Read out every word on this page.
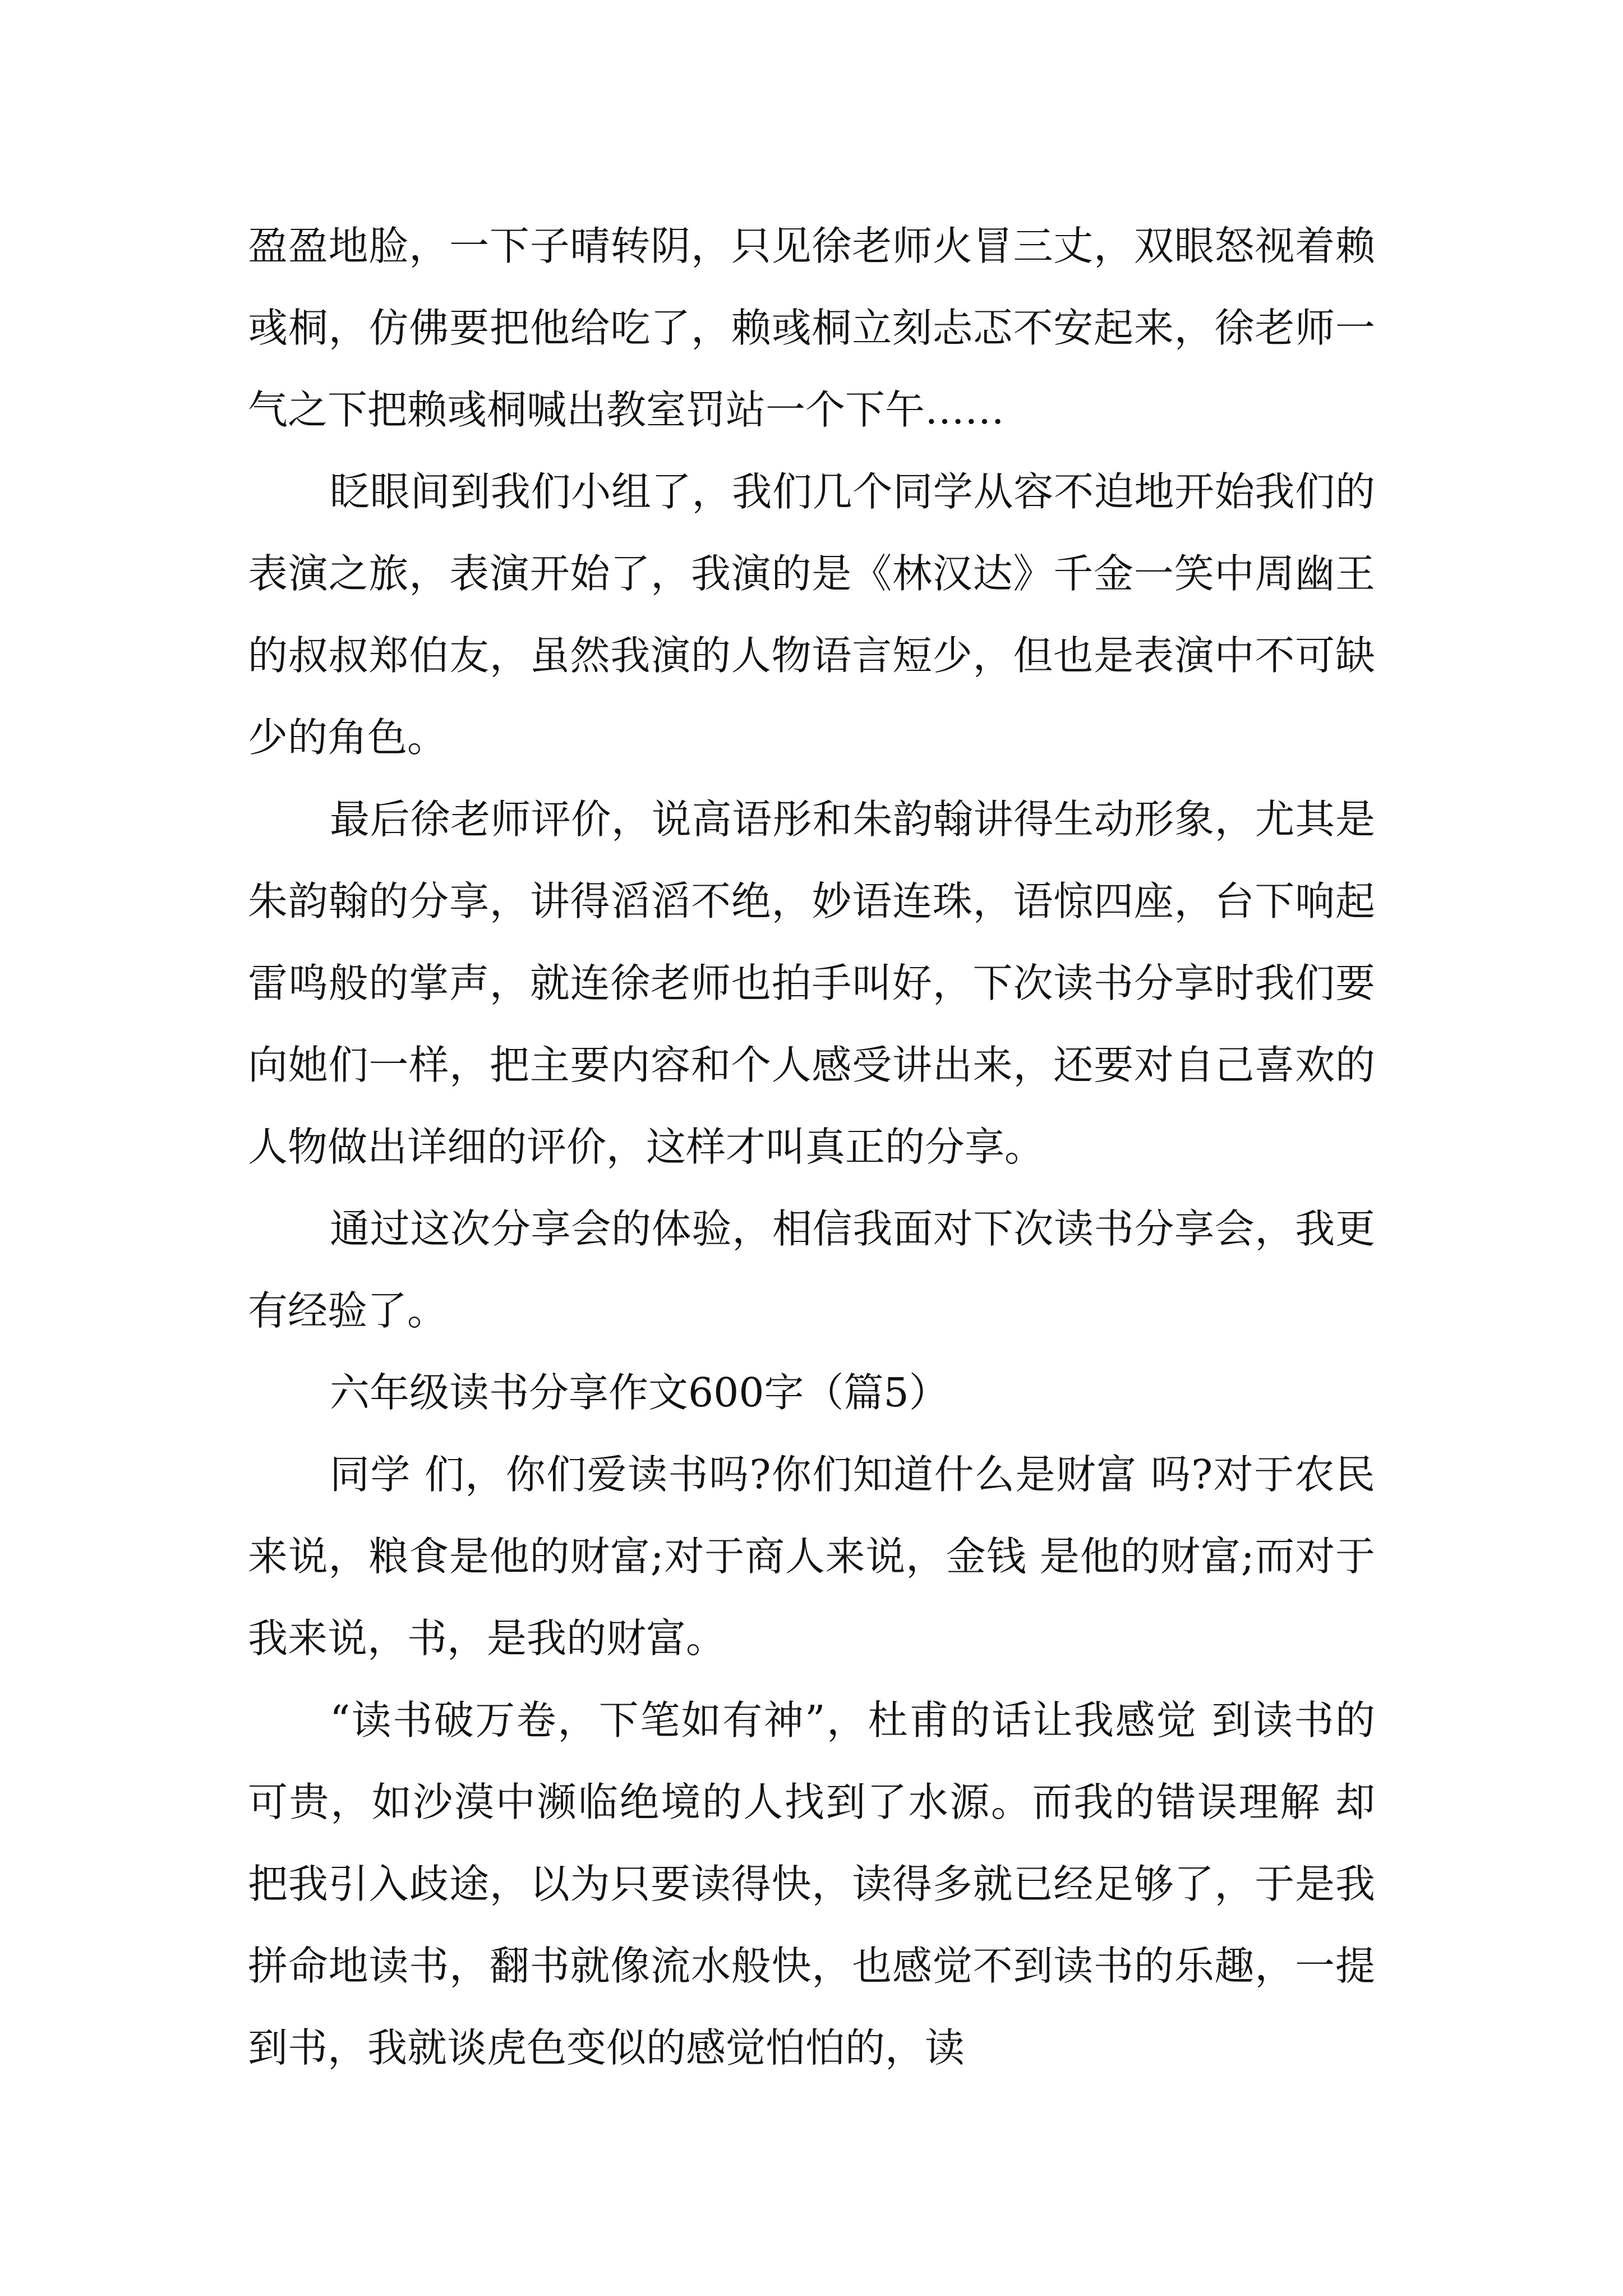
盈盈地脸，一下子晴转阴，只见徐老师火冒三丈，双眼怒视着赖彧桐，仿佛要把他给吃了，赖彧桐立刻忐忑不安起来，徐老师一气之下把赖彧桐喊出教室罚站一个下午……

眨眼间到我们小组了，我们几个同学从容不迫地开始我们的表演之旅，表演开始了，我演的是《林汉达》千金一笑中周幽王的叔叔郑伯友，虽然我演的人物语言短少，但也是表演中不可缺少的角色。

最后徐老师评价，说高语彤和朱韵翰讲得生动形象，尤其是朱韵翰的分享，讲得滔滔不绝，妙语连珠，语惊四座，台下响起雷鸣般的掌声，就连徐老师也拍手叫好，下次读书分享时我们要向她们一样，把主要内容和个人感受讲出来，还要对自己喜欢的人物做出详细的评价，这样才叫真正的分享。

通过这次分享会的体验，相信我面对下次读书分享会，我更有经验了。

六年级读书分享作文600字（篇5）

同学 们，你们爱读书吗?你们知道什么是财富 吗?对于农民来说，粮食是他的财富;对于商人来说，金钱 是他的财富;而对于我来说，书，是我的财富。

“读书破万卷，下笔如有神”，杜甫的话让我感觉 到读书的可贵，如沙漠中濒临绝境的人找到了水源。而我的错误理解 却把我引入歧途，以为只要读得快，读得多就已经足够了，于是我拼命地读书，翻书就像流水般快，也感觉不到读书的乐趣，一提到书，我就谈虎色变似的感觉怕怕的，读
